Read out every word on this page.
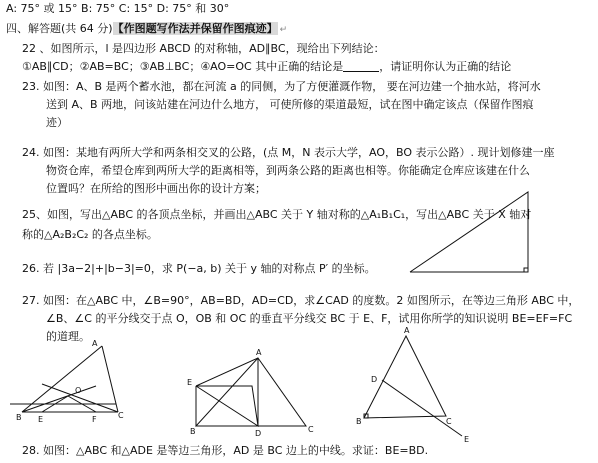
A: 75° 或 15° B: 75° C: 15° D: 75° 和 30°
四、解答题(共 64 分)【作图题写作法并保留作图痕迹】 ↵
22 、如图所示，l 是四边形 ABCD 的对称轴，AD∥BC，现给出下列结论：
①AB∥CD；②AB=BC；③AB⊥BC；④AO=OC 其中正确的结论是	，请证明你认为正确的结论
23. 如图：A、B 是两个蓄水池，都在河流 a 的同侧，为了方便灌溉作物， 要在河边建一个抽水站，将河水
送到 A、B 两地，问该站建在河边什么地方， 可使所修的渠道最短，试在图中确定该点（保留作图痕
迹）
24. 如图：某地有两所大学和两条相交叉的公路，(点 M，N 表示大学，AO，BO 表示公路）. 现计划修建一座
物资仓库，希望仓库到两所大学的距离相等，到两条公路的距离也相等。你能确定仓库应该建在什么
位置吗？在所给的图形中画出你的设计方案；
25、如图，写出△ABC 的各顶点坐标，并画出△ABC 关于 Y 轴对称的△A₁B₁C₁，写出△ABC 关于 X 轴对
称的△A₂B₂C₂ 的各点坐标。
26. 若 |3a−2|+|b−3|=0，求 P(−a, b) 关于 y 轴的对称点 P′ 的坐标。
27. 如图：在△ABC 中，∠B=90°，AB=BD，AD=CD，求∠CAD 的度数。2 如图所示，在等边三角形 ABC 中，
∠B、∠C 的平分线交于点 O，OB 和 OC 的垂直平分线交 BC 于 E、F，试用你所学的知识说明 BE=EF=FC
的道理。
28. 如图：△ABC 和△ADE 是等边三角形，AD 是 BC 边上的中线。求证：BE=BD.
A
O
B E	F	C
A
E
B	D	C
A
D
B	C
E
